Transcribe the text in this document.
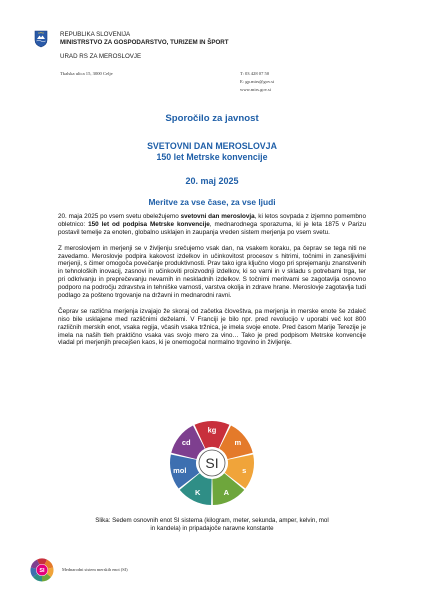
REPUBLIKA SLOVENIJA
MINISTRSTVO ZA GOSPODARSTVO, TURIZEM IN ŠPORT
URAD RS ZA MEROSLOVJE
Tkalska ulica 15, 3000 Celje	T: 03 428 07 50
E: gp.mirs@gov.si
www.mirs.gov.si
Sporočilo za javnost
SVETOVNI DAN MEROSLOVJA
150 let Metrske konvencije
20. maj 2025
Meritve za vse čase, za vse ljudi

20. maja 2025 po vsem svetu obeležujemo svetovni dan meroslovja, ki letos sovpada z izjemno pomembno obletnico: 150 let od podpisa Metrske konvencije, mednarodnega sporazuma, ki je leta 1875 v Parizu postavil temelje za enoten, globalno usklajen in zaupanja vreden sistem merjenja po vsem svetu.

Z meroslovjem in merjenji se v življenju srečujemo vsak dan, na vsakem koraku, pa čeprav se tega niti ne zavedamo. Meroslovje podpira kakovost izdelkov in učinkovitost procesov s hitrimi, točnimi in zanesljivimi merjenji, s čimer omogoča povečanje produktivnosti. Prav tako igra ključno vlogo pri sprejemanju znanstvenih in tehnoloških inovacij, zasnovi in učinkoviti proizvodnji izdelkov, ki so varni in v skladu s potrebami trga, ter pri odkrivanju in preprečevanju nevarnih in neskladnih izdelkov. S točnimi meritvami se zagotavlja osnovno podporo na področju zdravstva in tehniške varnosti, varstva okolja in zdrave hrane. Meroslovje zagotavlja tudi podlago za pošteno trgovanje na državni in mednarodni ravni.

Čeprav se različna merjenja izvajajo že skoraj od začetka človeštva, pa merjenja in merske enote še zdaleč niso bile usklajene med različnimi deželami. V Franciji je bilo npr. pred revolucijo v uporabi več kot 800 različnih merskih enot, vsaka regija, včasih vsaka tržnica, je imela svoje enote. Pred časom Marije Terezije je imela na naših tleh praktično vsaka vas svojo mero za vino… Tako je pred podpisom Metrske konvencije vladal pri merjenjih precejšen kaos, ki je onemogočal normalno trgovino in življenje.

SI
kg
m
s
A
K
mol
cd
Slika: Sedem osnovnih enot SI sistema (kilogram, meter, sekunda, amper, kelvin, mol
in kandela) in pripadajoče naravne konstante
SI	Mednarodni sistem merskih enot (SI)
